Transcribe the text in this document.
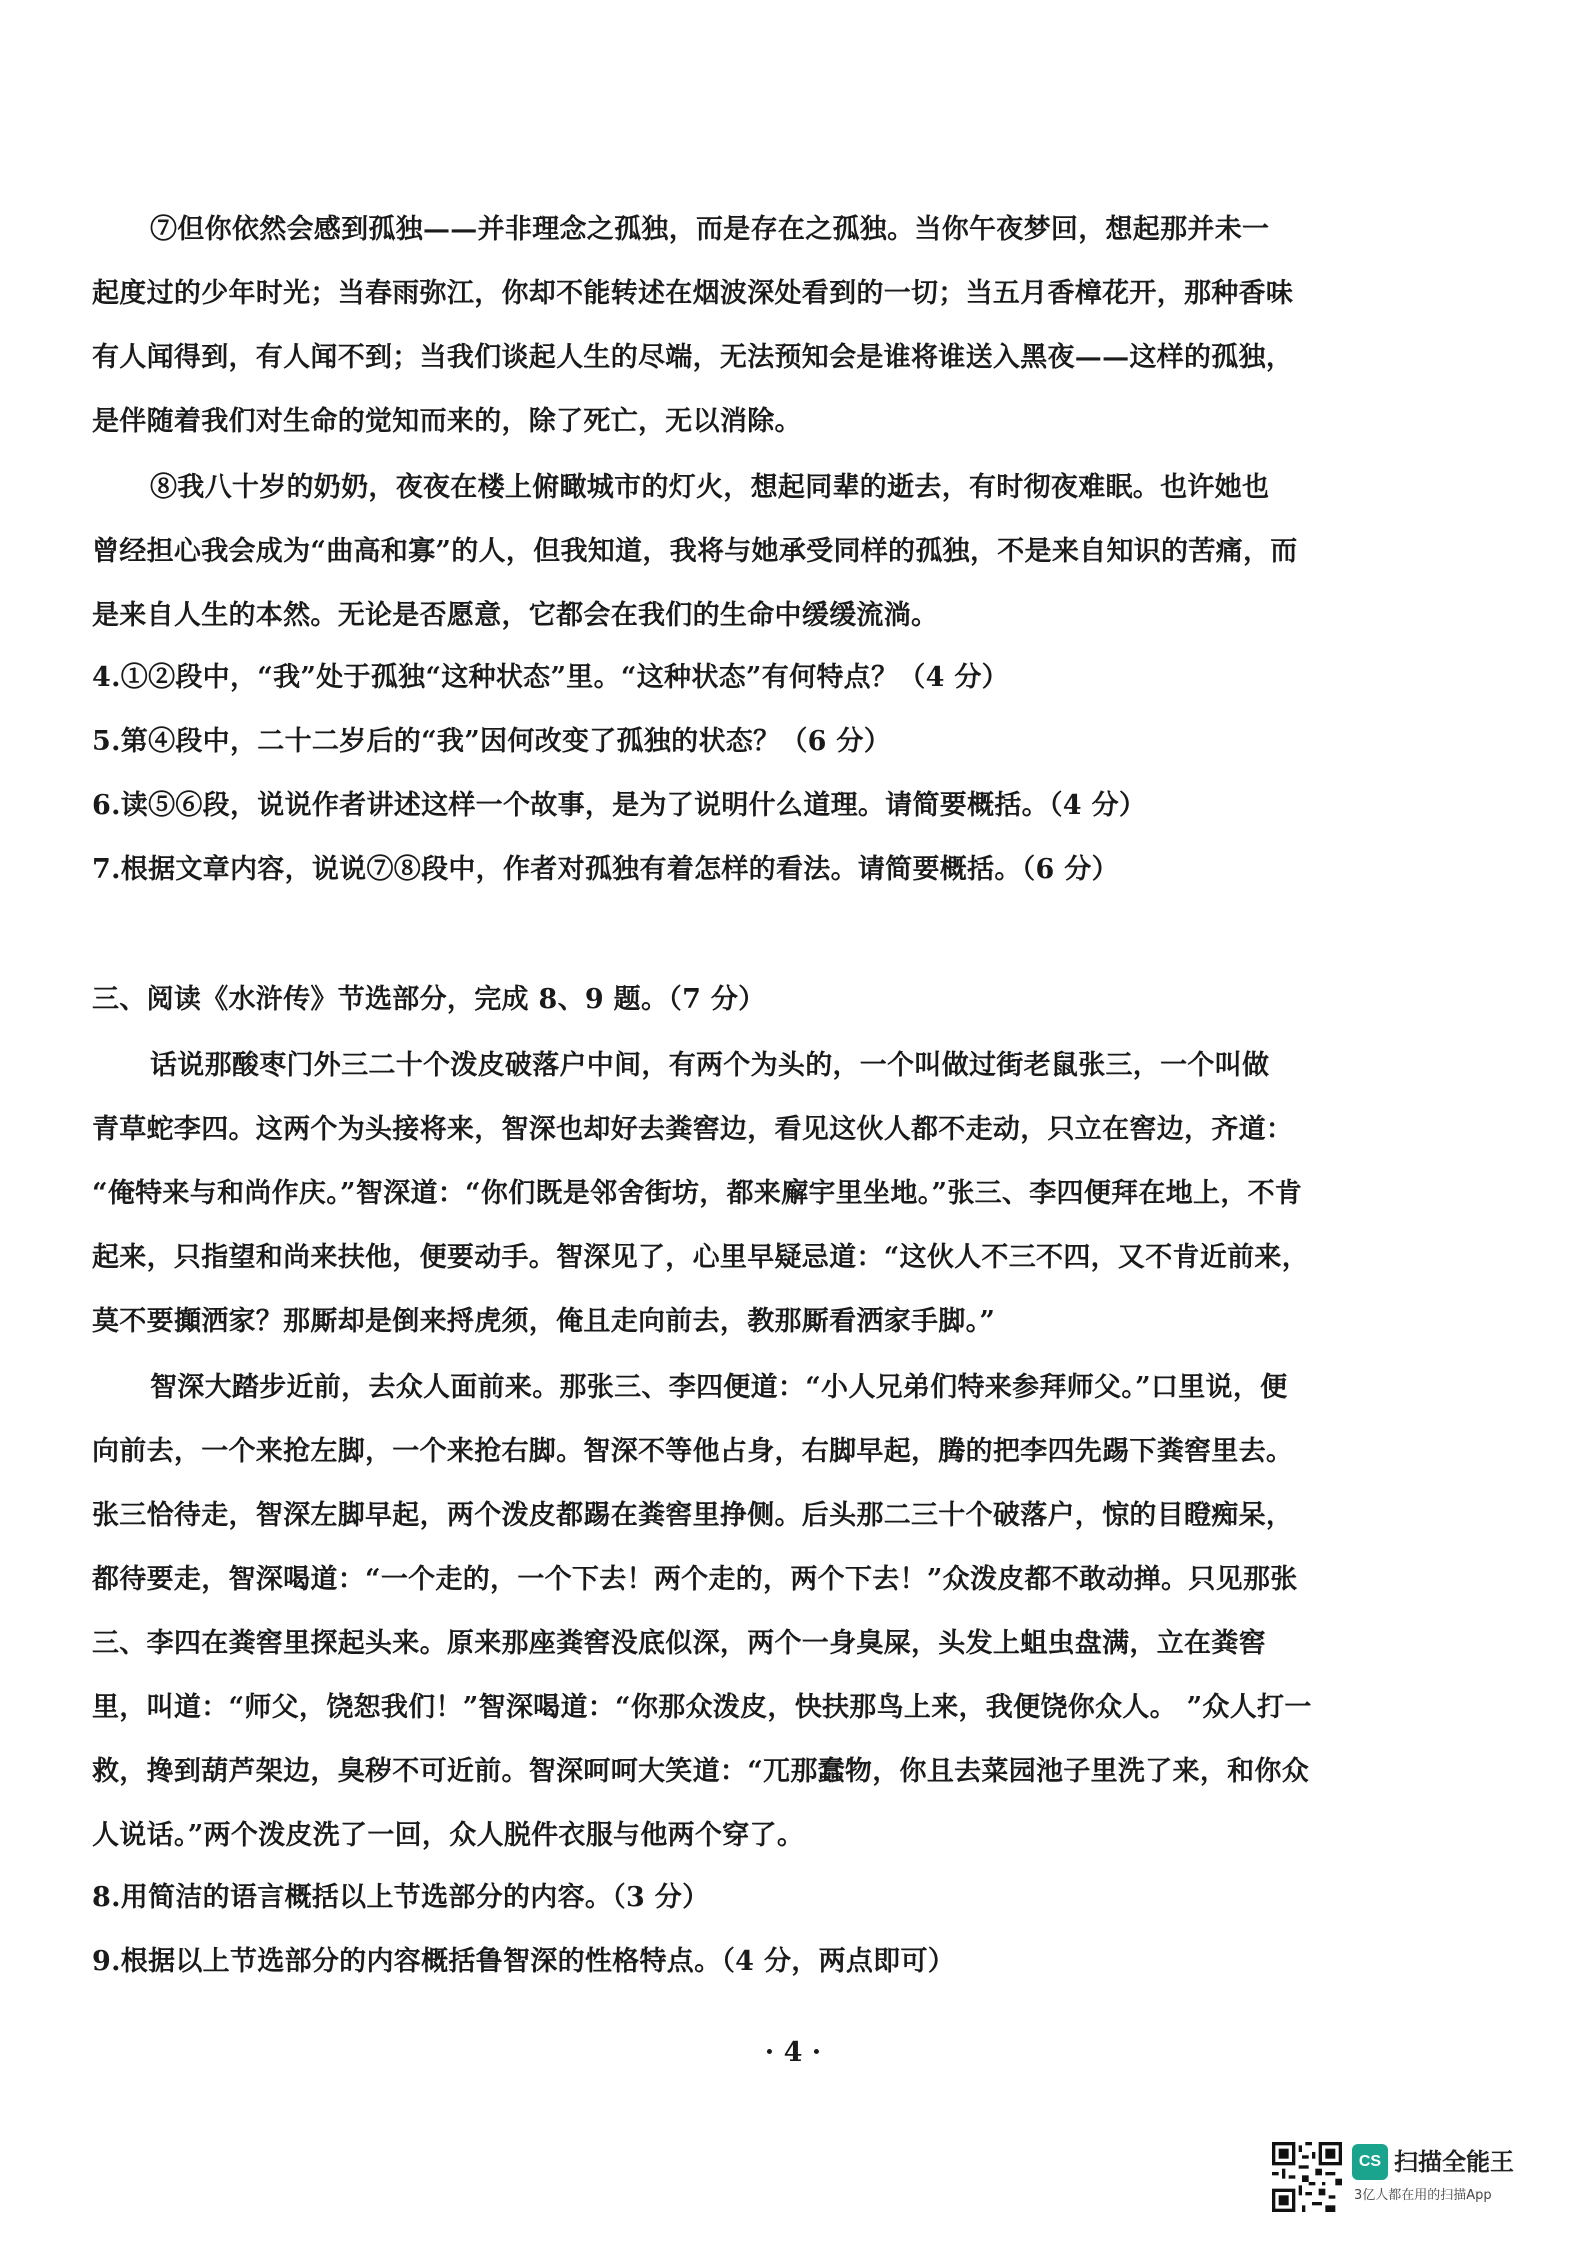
⑦但你依然会感到孤独——并非理念之孤独，而是存在之孤独。当你午夜梦回，想起那并未一
起度过的少年时光；当春雨弥江，你却不能转述在烟波深处看到的一切；当五月香樟花开，那种香味
有人闻得到，有人闻不到；当我们谈起人生的尽端，无法预知会是谁将谁送入黑夜——这样的孤独，
是伴随着我们对生命的觉知而来的，除了死亡，无以消除。
⑧我八十岁的奶奶，夜夜在楼上俯瞰城市的灯火，想起同辈的逝去，有时彻夜难眠。也许她也
曾经担心我会成为“曲高和寡”的人，但我知道，我将与她承受同样的孤独，不是来自知识的苦痛，而
是来自人生的本然。无论是否愿意，它都会在我们的生命中缓缓流淌。
4.①②段中，“我”处于孤独“这种状态”里。“这种状态”有何特点？（4 分）
5.第④段中，二十二岁后的“我”因何改变了孤独的状态？（6 分）
6.读⑤⑥段，说说作者讲述这样一个故事，是为了说明什么道理。请简要概括。（4 分）
7.根据文章内容，说说⑦⑧段中，作者对孤独有着怎样的看法。请简要概括。（6 分）
三、阅读《水浒传》节选部分，完成 8、9 题。（7 分）
话说那酸枣门外三二十个泼皮破落户中间，有两个为头的，一个叫做过街老鼠张三，一个叫做
青草蛇李四。这两个为头接将来，智深也却好去粪窖边，看见这伙人都不走动，只立在窖边，齐道：
“俺特来与和尚作庆。”智深道：“你们既是邻舍街坊，都来廨宇里坐地。”张三、李四便拜在地上，不肯
起来，只指望和尚来扶他，便要动手。智深见了，心里早疑忌道：“这伙人不三不四，又不肯近前来，
莫不要攧洒家？那厮却是倒来捋虎须，俺且走向前去，教那厮看洒家手脚。”
智深大踏步近前，去众人面前来。那张三、李四便道：“小人兄弟们特来参拜师父。”口里说，便
向前去，一个来抢左脚，一个来抢右脚。智深不等他占身，右脚早起，腾的把李四先踢下粪窖里去。
张三恰待走，智深左脚早起，两个泼皮都踢在粪窖里挣侧。后头那二三十个破落户，惊的目瞪痴呆，
都待要走，智深喝道：“一个走的，一个下去！两个走的，两个下去！”众泼皮都不敢动掸。只见那张
三、李四在粪窖里探起头来。原来那座粪窖没底似深，两个一身臭屎，头发上蛆虫盘满，立在粪窖
里，叫道：“师父，饶恕我们！”智深喝道：“你那众泼皮，快扶那鸟上来，我便饶你众人。 ”众人打一
救，搀到葫芦架边，臭秽不可近前。智深呵呵大笑道：“兀那蠢物，你且去菜园池子里洗了来，和你众
人说话。”两个泼皮洗了一回，众人脱件衣服与他两个穿了。
8.用简洁的语言概括以上节选部分的内容。（3 分）
9.根据以上节选部分的内容概括鲁智深的性格特点。（4 分，两点即可）
· 4 ·
CS 扫描全能王
3亿人都在用的扫描App
